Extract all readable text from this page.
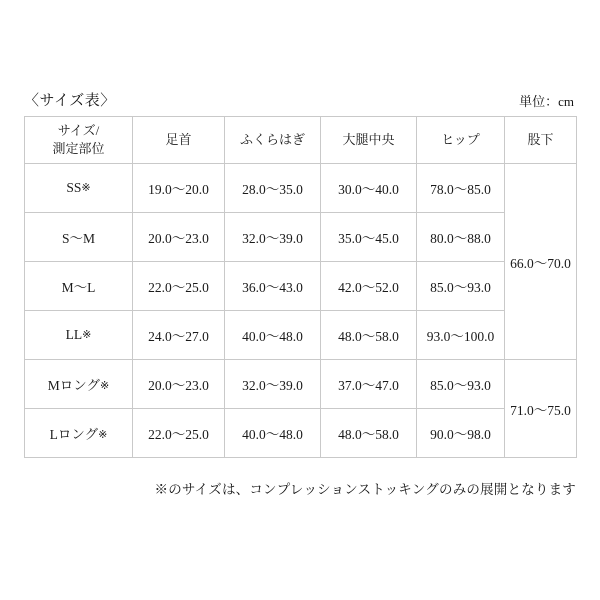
〈サイズ表〉	単位：cm
サイズ/
測定部位	足首	ふくらはぎ	大腿中央	ヒップ	股下
SS※	19.0〜20.0	28.0〜35.0	30.0〜40.0	78.0〜85.0	66.0〜70.0
S〜M	20.0〜23.0	32.0〜39.0	35.0〜45.0	80.0〜88.0	
M〜L	22.0〜25.0	36.0〜43.0	42.0〜52.0	85.0〜93.0	
LL※	24.0〜27.0	40.0〜48.0	48.0〜58.0	93.0〜100.0	
Mロング※	20.0〜23.0	32.0〜39.0	37.0〜47.0	85.0〜93.0	71.0〜75.0
Lロング※	22.0〜25.0	40.0〜48.0	48.0〜58.0	90.0〜98.0	
※のサイズは、コンプレッションストッキングのみの展開となります
